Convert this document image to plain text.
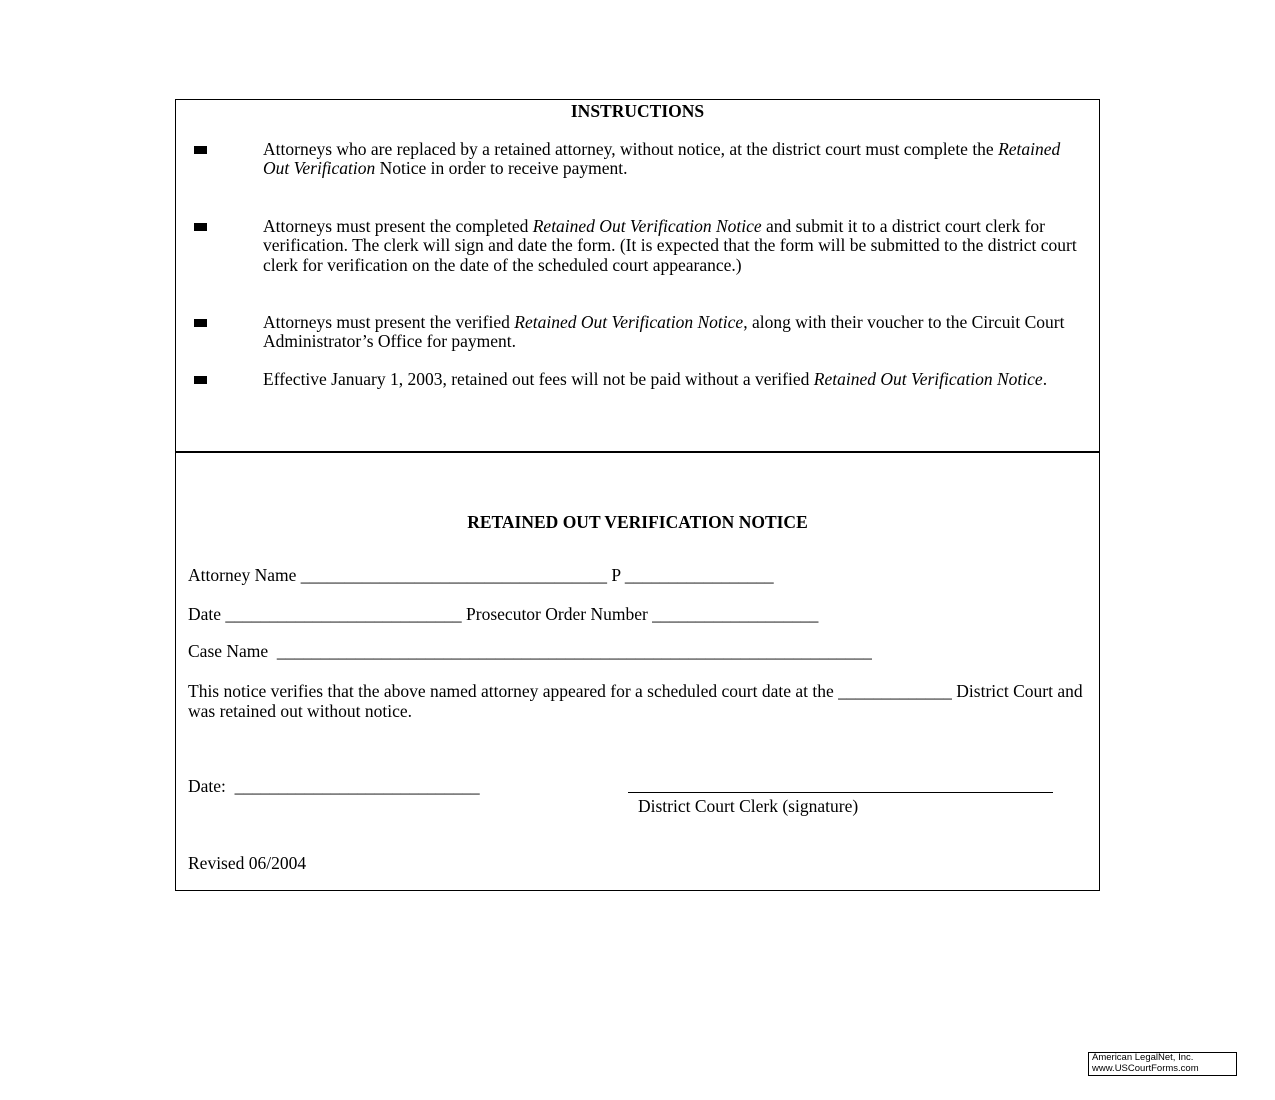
INSTRUCTIONS
Attorneys who are replaced by a retained attorney, without notice, at the district court must complete the Retained Out Verification Notice in order to receive payment.
Attorneys must present the completed Retained Out Verification Notice and submit it to a district court clerk for verification. The clerk will sign and date the form. (It is expected that the form will be submitted to the district court clerk for verification on the date of the scheduled court appearance.)
Attorneys must present the verified Retained Out Verification Notice, along with their voucher to the Circuit Court Administrator’s Office for payment.
Effective January 1, 2003, retained out fees will not be paid without a verified Retained Out Verification Notice.
RETAINED OUT VERIFICATION NOTICE
Attorney Name ___________________________________ P _________________
Date ___________________________ Prosecutor Order Number ___________________
Case Name  ____________________________________________________________________
This notice verifies that the above named attorney appeared for a scheduled court date at the _____________ District Court and was retained out without notice.
Date:  ____________________________
District Court Clerk (signature)
Revised 06/2004
American LegalNet, Inc.
www.USCourtForms.com
